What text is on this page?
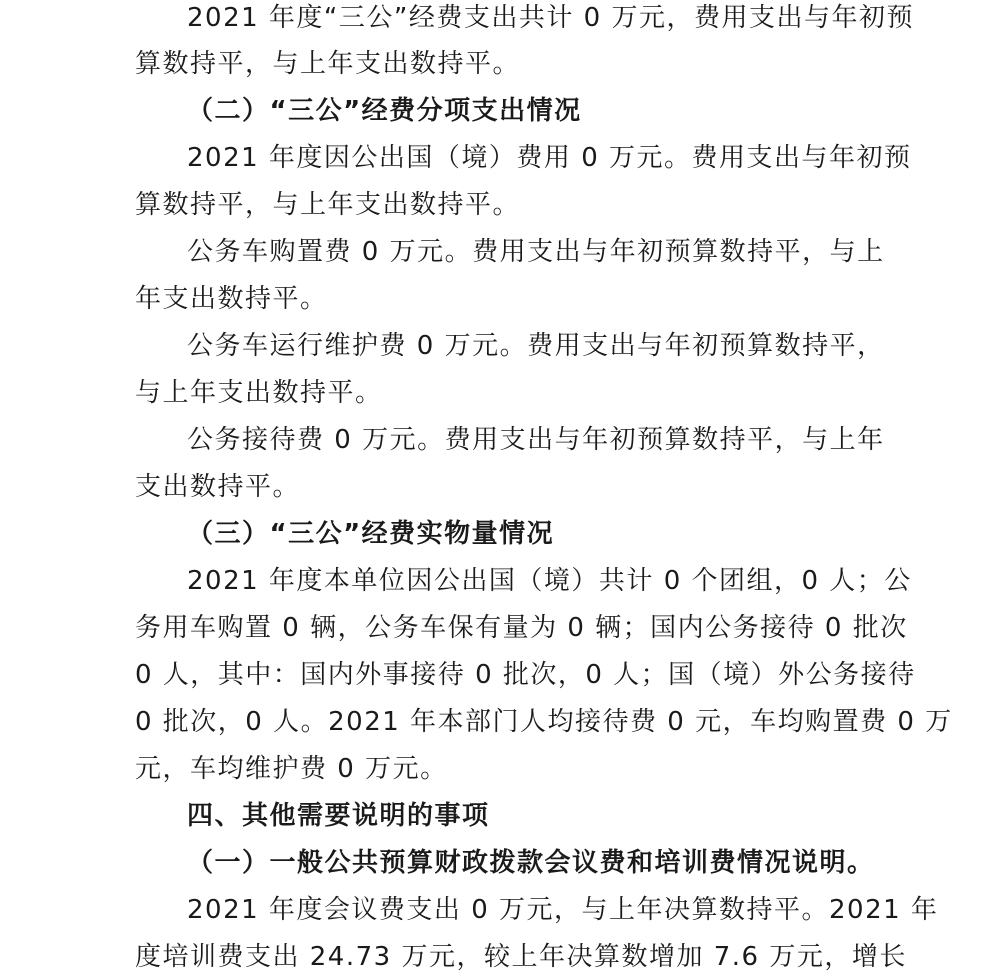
2021 年度“三公”经费支出共计 0 万元，费用支出与年初预
算数持平，与上年支出数持平。
（二）“三公”经费分项支出情况
2021 年度因公出国（境）费用 0 万元。费用支出与年初预
算数持平，与上年支出数持平。
公务车购置费 0 万元。费用支出与年初预算数持平，与上
年支出数持平。
公务车运行维护费 0 万元。费用支出与年初预算数持平，
与上年支出数持平。
公务接待费 0 万元。费用支出与年初预算数持平，与上年
支出数持平。
（三）“三公”经费实物量情况
2021 年度本单位因公出国（境）共计 0 个团组，0 人；公
务用车购置 0 辆，公务车保有量为 0 辆；国内公务接待 0 批次
0 人，其中：国内外事接待 0 批次，0 人；国（境）外公务接待
0 批次，0 人。2021 年本部门人均接待费 0 元，车均购置费 0 万
元，车均维护费 0 万元。
四、其他需要说明的事项
（一）一般公共预算财政拨款会议费和培训费情况说明。
2021 年度会议费支出 0 万元，与上年决算数持平。2021 年
度培训费支出 24.73 万元，较上年决算数增加 7.6 万元，增长
